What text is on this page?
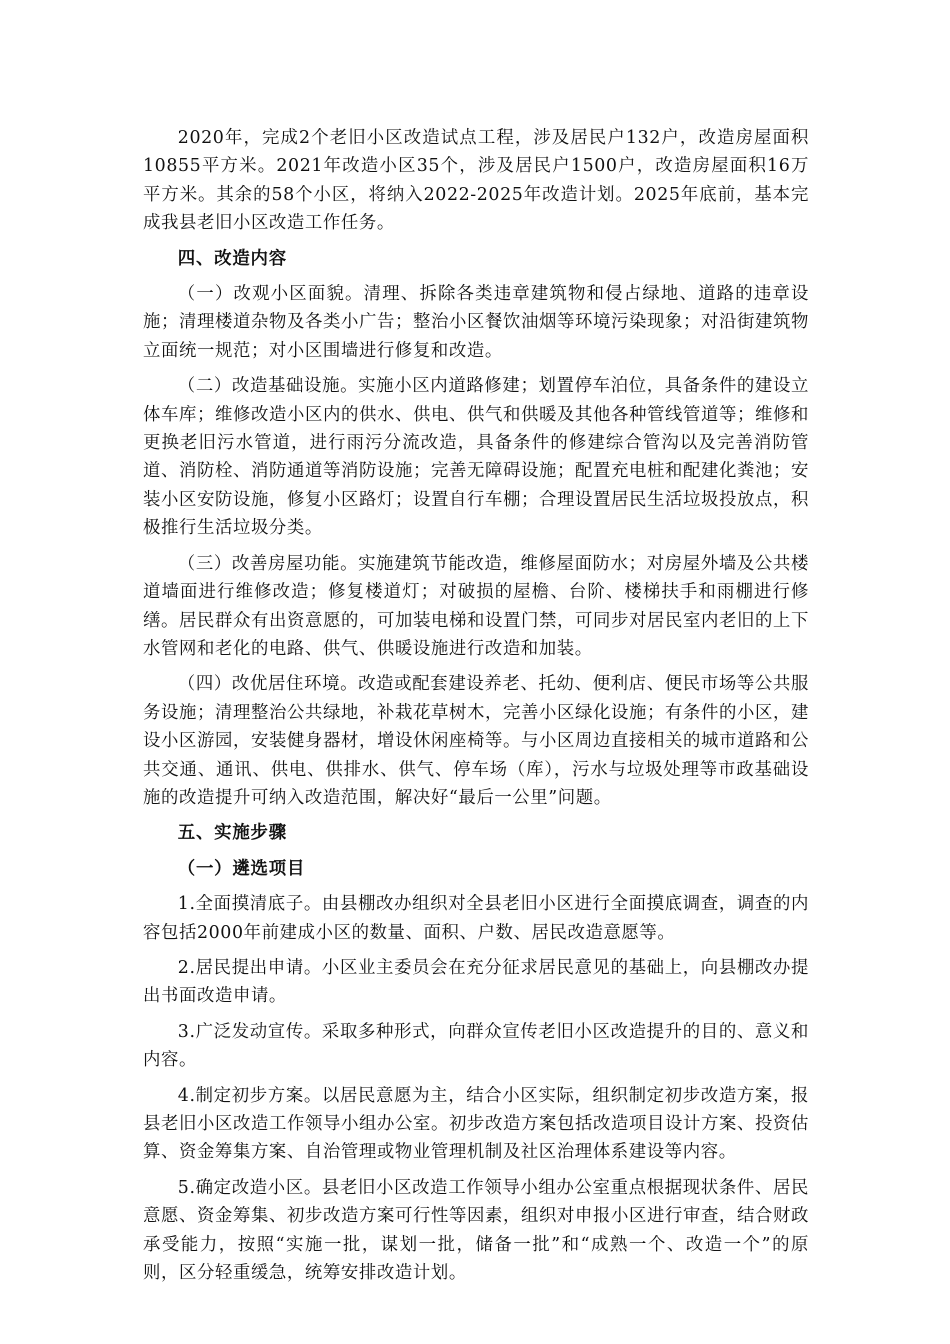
2020年，完成2个老旧小区改造试点工程，涉及居民户132户，改造房屋面积10855平方米。2021年改造小区35个，涉及居民户1500户，改造房屋面积16万平方米。其余的58个小区，将纳入2022-2025年改造计划。2025年底前，基本完成我县老旧小区改造工作任务。

四、改造内容

（一）改观小区面貌。清理、拆除各类违章建筑物和侵占绿地、道路的违章设施；清理楼道杂物及各类小广告；整治小区餐饮油烟等环境污染现象；对沿街建筑物立面统一规范；对小区围墙进行修复和改造。

（二）改造基础设施。实施小区内道路修建；划置停车泊位，具备条件的建设立体车库；维修改造小区内的供水、供电、供气和供暖及其他各种管线管道等；维修和更换老旧污水管道，进行雨污分流改造，具备条件的修建综合管沟以及完善消防管道、消防栓、消防通道等消防设施；完善无障碍设施；配置充电桩和配建化粪池；安装小区安防设施，修复小区路灯；设置自行车棚；合理设置居民生活垃圾投放点，积极推行生活垃圾分类。

（三）改善房屋功能。实施建筑节能改造，维修屋面防水；对房屋外墙及公共楼道墙面进行维修改造；修复楼道灯；对破损的屋檐、台阶、楼梯扶手和雨棚进行修缮。居民群众有出资意愿的，可加装电梯和设置门禁，可同步对居民室内老旧的上下水管网和老化的电路、供气、供暖设施进行改造和加装。

（四）改优居住环境。改造或配套建设养老、托幼、便利店、便民市场等公共服务设施；清理整治公共绿地，补栽花草树木，完善小区绿化设施；有条件的小区，建设小区游园，安装健身器材，增设休闲座椅等。与小区周边直接相关的城市道路和公共交通、通讯、供电、供排水、供气、停车场（库），污水与垃圾处理等市政基础设施的改造提升可纳入改造范围，解决好“最后一公里”问题。

五、实施步骤

（一）遴选项目

1.全面摸清底子。由县棚改办组织对全县老旧小区进行全面摸底调查，调查的内容包括2000年前建成小区的数量、面积、户数、居民改造意愿等。

2.居民提出申请。小区业主委员会在充分征求居民意见的基础上，向县棚改办提出书面改造申请。

3.广泛发动宣传。采取多种形式，向群众宣传老旧小区改造提升的目的、意义和内容。

4.制定初步方案。以居民意愿为主，结合小区实际，组织制定初步改造方案，报县老旧小区改造工作领导小组办公室。初步改造方案包括改造项目设计方案、投资估算、资金筹集方案、自治管理或物业管理机制及社区治理体系建设等内容。

5.确定改造小区。县老旧小区改造工作领导小组办公室重点根据现状条件、居民意愿、资金筹集、初步改造方案可行性等因素，组织对申报小区进行审查，结合财政承受能力，按照“实施一批，谋划一批，储备一批”和“成熟一个、改造一个”的原则，区分轻重缓急，统筹安排改造计划。
